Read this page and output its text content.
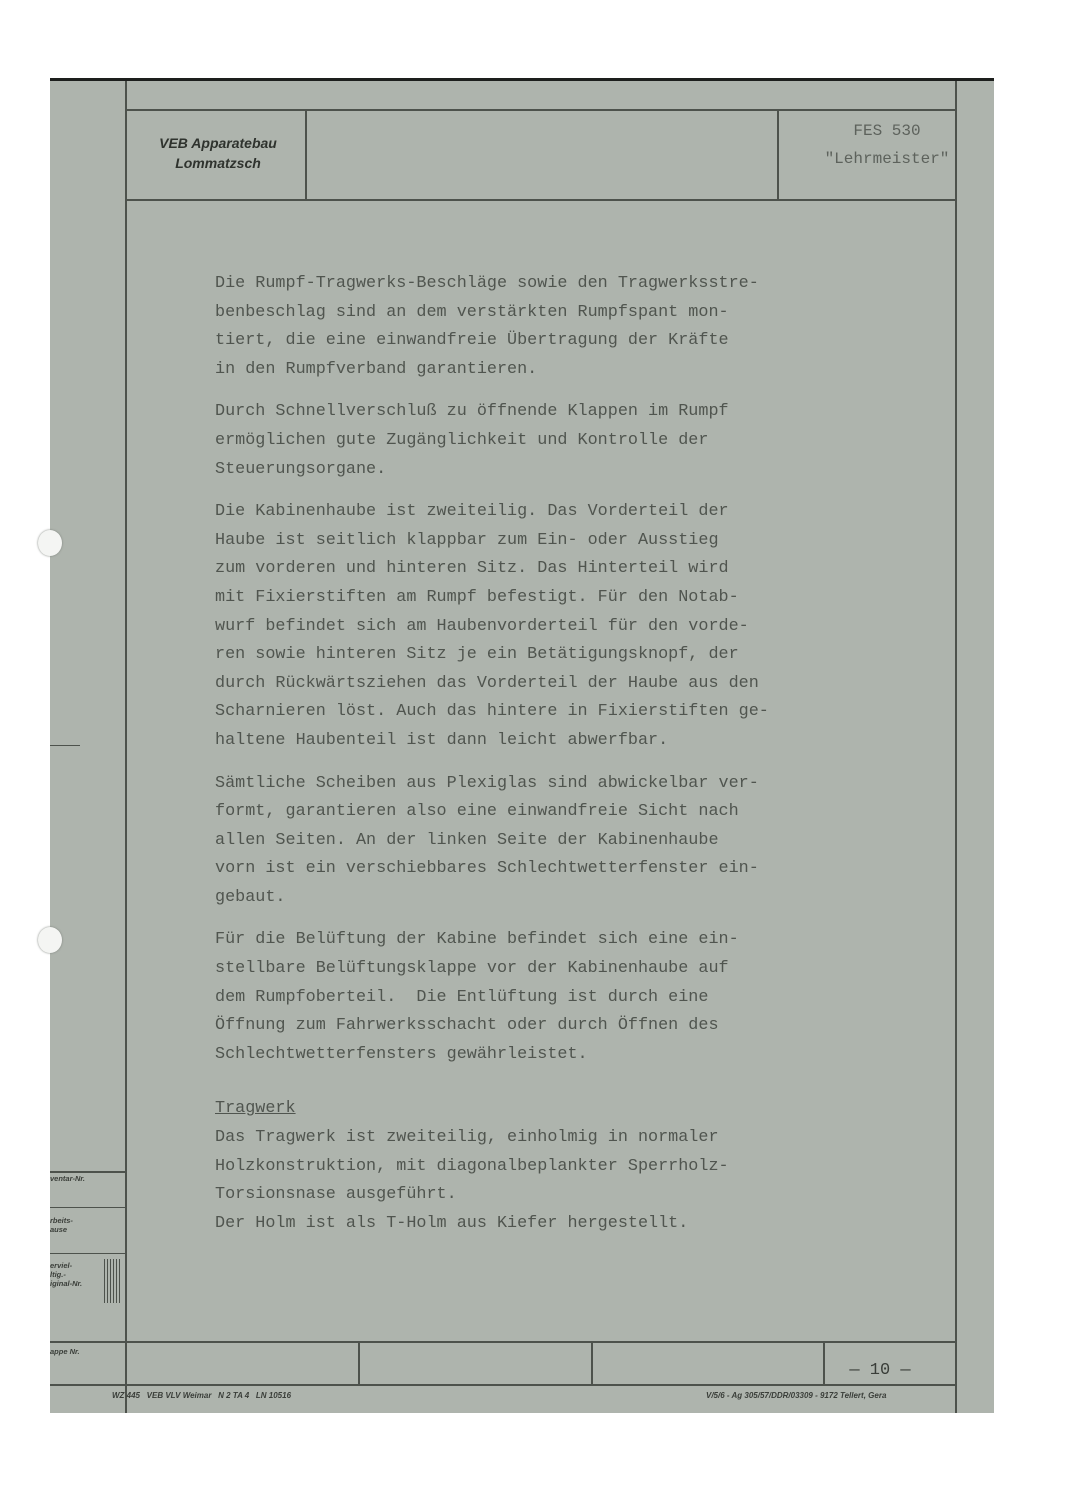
VEB Apparatebau
Lommatzsch
FES 530
"Lehrmeister"

Die Rumpf-Tragwerks-Beschläge sowie den Tragwerksstre-
benbeschlag sind an dem verstärkten Rumpfspant mon-
tiert, die eine einwandfreie Übertragung der Kräfte
in den Rumpfverband garantieren.

Durch Schnellverschluß zu öffnende Klappen im Rumpf
ermöglichen gute Zugänglichkeit und Kontrolle der
Steuerungsorgane.

Die Kabinenhaube ist zweiteilig. Das Vorderteil der
Haube ist seitlich klappbar zum Ein- oder Ausstieg
zum vorderen und hinteren Sitz. Das Hinterteil wird
mit Fixierstiften am Rumpf befestigt. Für den Notab-
wurf befindet sich am Haubenvorderteil für den vorde-
ren sowie hinteren Sitz je ein Betätigungsknopf, der
durch Rückwärtsziehen das Vorderteil der Haube aus den
Scharnieren löst. Auch das hintere in Fixierstiften ge-
haltene Haubenteil ist dann leicht abwerfbar.

Sämtliche Scheiben aus Plexiglas sind abwickelbar ver-
formt, garantieren also eine einwandfreie Sicht nach
allen Seiten. An der linken Seite der Kabinenhaube
vorn ist ein verschiebbares Schlechtwetterfenster ein-
gebaut.

Für die Belüftung der Kabine befindet sich eine ein-
stellbare Belüftungsklappe vor der Kabinenhaube auf
dem Rumpfoberteil.  Die Entlüftung ist durch eine
Öffnung zum Fahrwerksschacht oder durch Öffnen des
Schlechtwetterfensters gewährleistet.

Tragwerk

Das Tragwerk ist zweiteilig, einholmig in normaler
Holzkonstruktion, mit diagonalbeplankter Sperrholz-
Torsionsnase ausgeführt.
Der Holm ist als T-Holm aus Kiefer hergestellt.

ventar-Nr.
rbeits-
ause
erviel-
ltig.-
iginal-Nr.
appe Nr.
— 10 —
WZ 445   VEB VLV Weimar   N 2 TA 4   LN 10516	V/5/6 - Ag 305/57/DDR/03309 - 9172 Tellert, Gera
